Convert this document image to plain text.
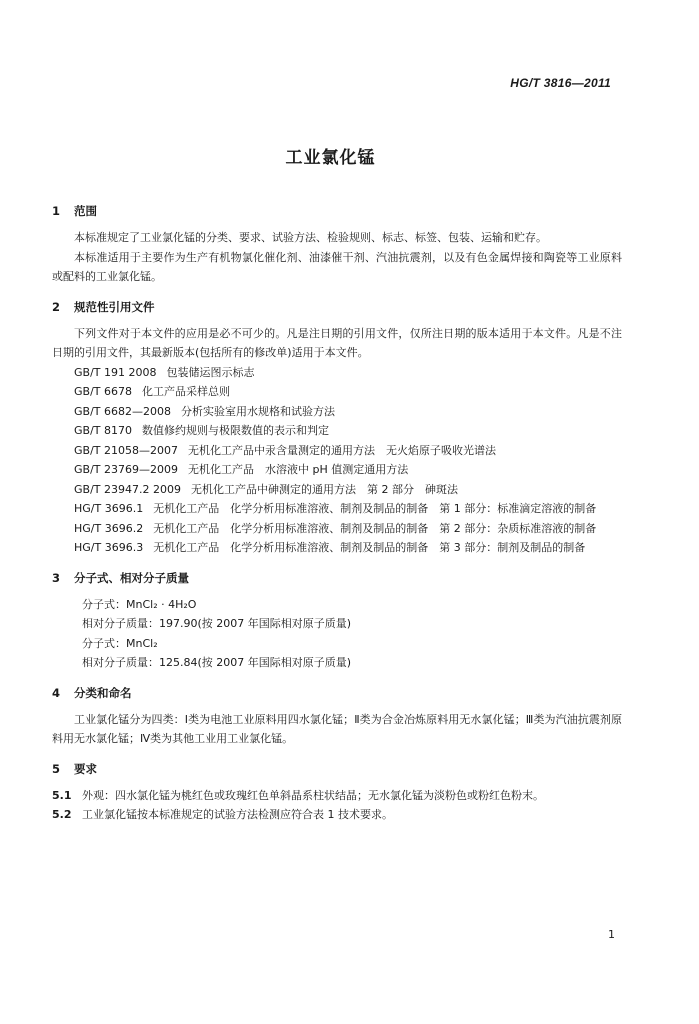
HG/T 3816—2011
工业氯化锰
1 范围

本标准规定了工业氯化锰的分类、要求、试验方法、检验规则、标志、标签、包装、运输和贮存。

本标准适用于主要作为生产有机物氯化催化剂、油漆催干剂、汽油抗震剂，以及有色金属焊接和陶瓷等工业原料或配料的工业氯化锰。

2 规范性引用文件

下列文件对于本文件的应用是必不可少的。凡是注日期的引用文件，仅所注日期的版本适用于本文件。凡是不注日期的引用文件，其最新版本(包括所有的修改单)适用于本文件。

GB/T 191 2008 包装储运图示标志
GB/T 6678 化工产品采样总则
GB/T 6682—2008 分析实验室用水规格和试验方法
GB/T 8170 数值修约规则与极限数值的表示和判定
GB/T 21058—2007 无机化工产品中汞含量测定的通用方法　无火焰原子吸收光谱法
GB/T 23769—2009 无机化工产品　水溶液中 pH 值测定通用方法
GB/T 23947.2 2009 无机化工产品中砷测定的通用方法　第 2 部分　砷斑法
HG/T 3696.1 无机化工产品　化学分析用标准溶液、制剂及制品的制备　第 1 部分：标准滴定溶液的制备
HG/T 3696.2 无机化工产品　化学分析用标准溶液、制剂及制品的制备　第 2 部分：杂质标准溶液的制备
HG/T 3696.3 无机化工产品　化学分析用标准溶液、制剂及制品的制备　第 3 部分：制剂及制品的制备
3 分子式、相对分子质量
分子式：MnCl₂ · 4H₂O
相对分子质量：197.90(按 2007 年国际相对原子质量)
分子式：MnCl₂
相对分子质量：125.84(按 2007 年国际相对原子质量)
4 分类和命名

工业氯化锰分为四类：Ⅰ类为电池工业原料用四水氯化锰；Ⅱ类为合金冶炼原料用无水氯化锰；Ⅲ类为汽油抗震剂原料用无水氯化锰；Ⅳ类为其他工业用工业氯化锰。

5 要求
5.1 外观：四水氯化锰为桃红色或玫瑰红色单斜晶系柱状结晶；无水氯化锰为淡粉色或粉红色粉末。
5.2 工业氯化锰按本标准规定的试验方法检测应符合表 1 技术要求。
1
